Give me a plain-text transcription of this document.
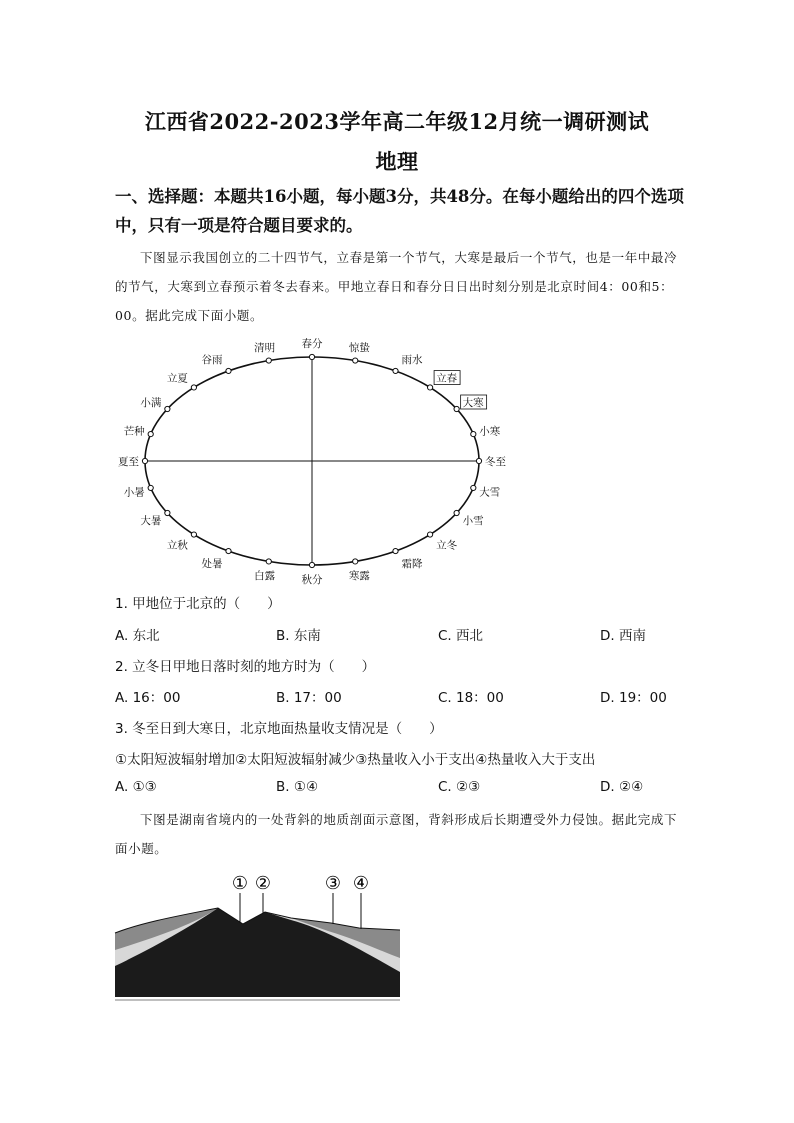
江西省2022-2023学年高二年级12月统一调研测试
地理
一、选择题：本题共16小题，每小题3分，共48分。在每小题给出的四个选项中，只有一项是符合题目要求的。
下图显示我国创立的二十四节气，立春是第一个节气，大寒是最后一个节气，也是一年中最冷的节气，大寒到立春预示着冬去春来。甲地立春日和春分日日出时刻分别是北京时间4：00和5：00。据此完成下面小题。
春分	惊蛰
雨水
立春
大寒
小寒
冬至
大雪
小雪
立冬
霜降
寒露
秋分
白露
处暑
立秋
大暑
小暑
夏至
芒种
小满
立夏
谷雨
清明
1. 甲地位于北京的（　　）
A. 东北	B. 东南	C. 西北	D. 西南
2. 立冬日甲地日落时刻的地方时为（　　）
A. 16：00	B. 17：00	C. 18：00	D. 19：00
3. 冬至日到大寒日，北京地面热量收支情况是（　　）
①太阳短波辐射增加②太阳短波辐射减少③热量收入小于支出④热量收入大于支出
A. ①③	B. ①④	C. ②③	D. ②④
下图是湖南省境内的一处背斜的地质剖面示意图，背斜形成后长期遭受外力侵蚀。据此完成下面小题。
① ②	③ ④
